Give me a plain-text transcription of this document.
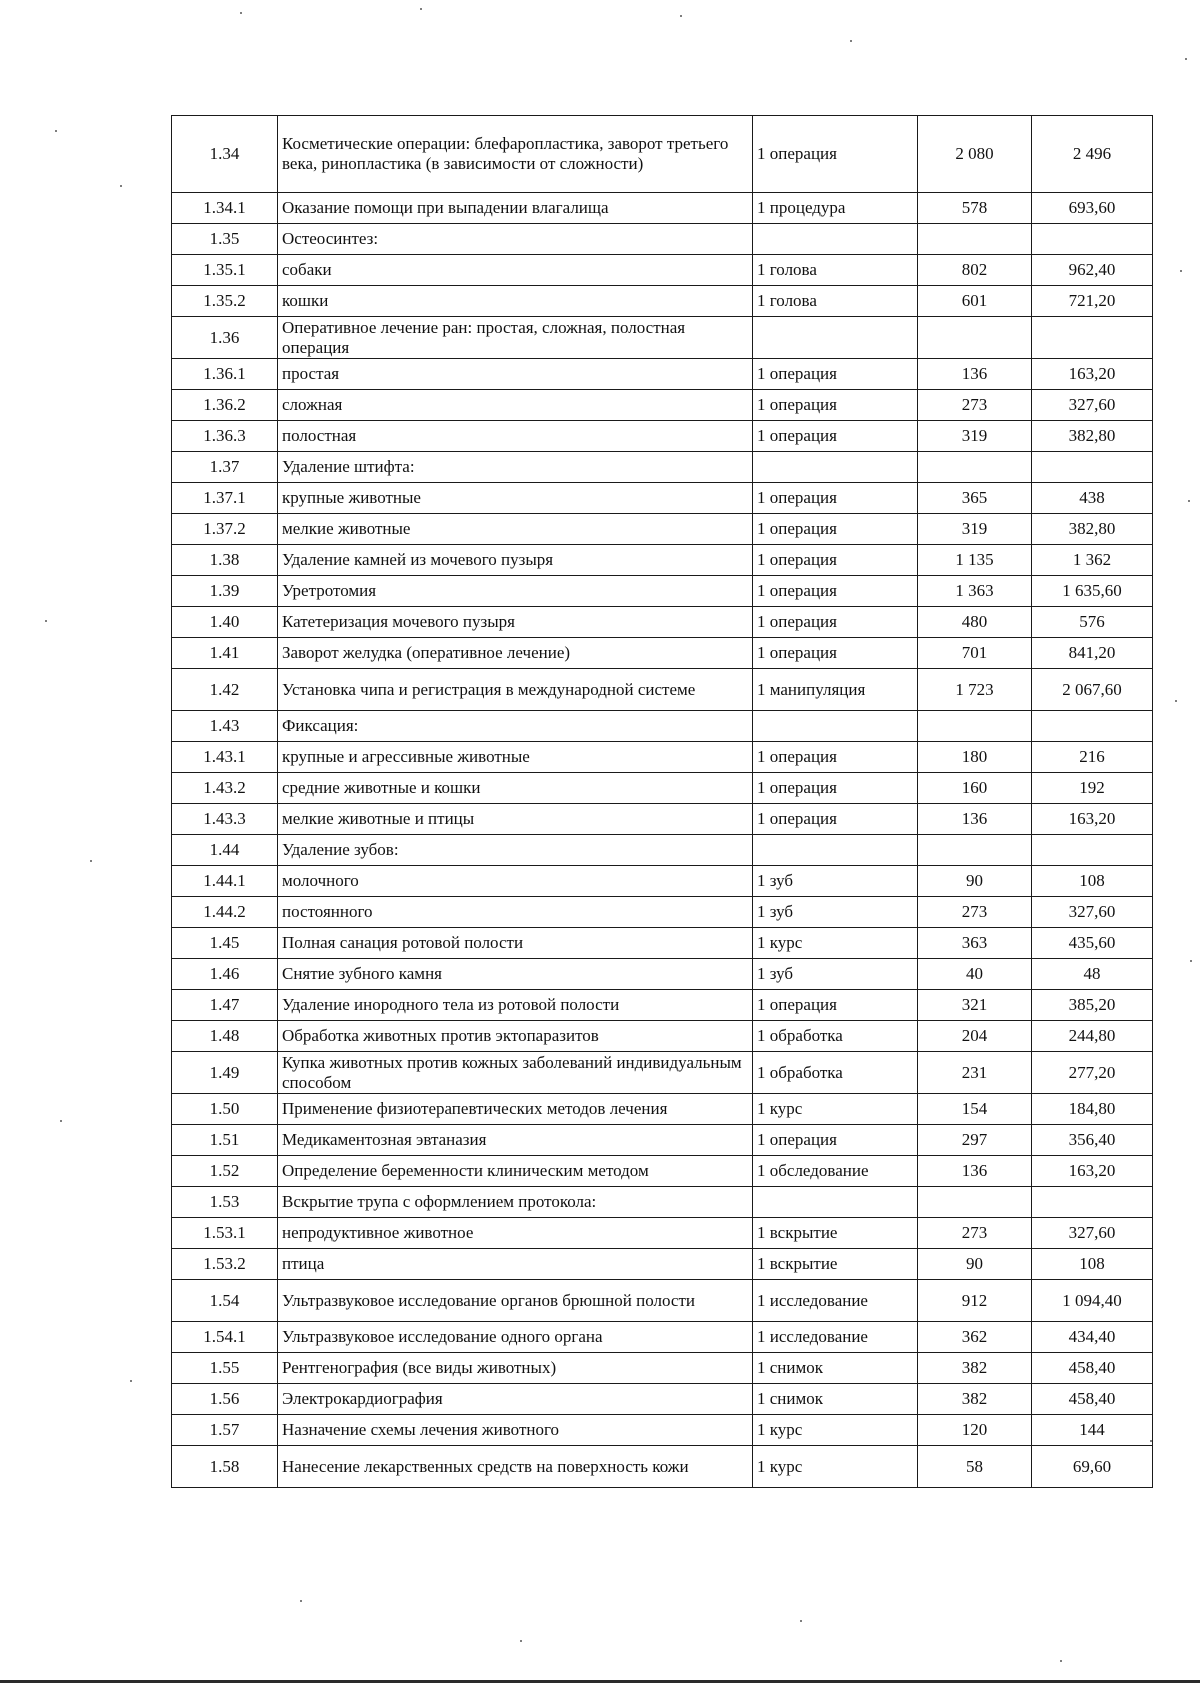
1.34	Косметические операции: блефаропластика, заворот третьего века, ринопластика (в зависимости от сложности)	1 операция	2 080	2 496
1.34.1	Оказание помощи при выпадении влагалища	1 процедура	578	693,60
1.35	Остеосинтез:			
1.35.1	собаки	1 голова	802	962,40
1.35.2	кошки	1 голова	601	721,20
1.36	Оперативное лечение ран: простая, сложная, полостная операция			
1.36.1	простая	1 операция	136	163,20
1.36.2	сложная	1 операция	273	327,60
1.36.3	полостная	1 операция	319	382,80
1.37	Удаление штифта:			
1.37.1	крупные животные	1 операция	365	438
1.37.2	мелкие животные	1 операция	319	382,80
1.38	Удаление камней из мочевого пузыря	1 операция	1 135	1 362
1.39	Уретротомия	1 операция	1 363	1 635,60
1.40	Катетеризация мочевого пузыря	1 операция	480	576
1.41	Заворот желудка (оперативное лечение)	1 операция	701	841,20
1.42	Установка чипа и регистрация в международной системе	1 манипуляция	1 723	2 067,60
1.43	Фиксация:			
1.43.1	крупные и агрессивные животные	1 операция	180	216
1.43.2	средние животные и кошки	1 операция	160	192
1.43.3	мелкие животные и птицы	1 операция	136	163,20
1.44	Удаление зубов:			
1.44.1	молочного	1 зуб	90	108
1.44.2	постоянного	1 зуб	273	327,60
1.45	Полная санация ротовой полости	1 курс	363	435,60
1.46	Снятие зубного камня	1 зуб	40	48
1.47	Удаление инородного тела из ротовой полости	1 операция	321	385,20
1.48	Обработка животных против эктопаразитов	1 обработка	204	244,80
1.49	Купка животных против кожных заболеваний индивидуальным способом	1 обработка	231	277,20
1.50	Применение физиотерапевтических методов лечения	1 курс	154	184,80
1.51	Медикаментозная эвтаназия	1 операция	297	356,40
1.52	Определение беременности клиническим методом	1 обследование	136	163,20
1.53	Вскрытие трупа с оформлением протокола:			
1.53.1	непродуктивное животное	1 вскрытие	273	327,60
1.53.2	птица	1 вскрытие	90	108
1.54	Ультразвуковое исследование органов брюшной полости	1 исследование	912	1 094,40
1.54.1	Ультразвуковое исследование одного органа	1 исследование	362	434,40
1.55	Рентгенография (все виды животных)	1 снимок	382	458,40
1.56	Электрокардиография	1 снимок	382	458,40
1.57	Назначение схемы лечения животного	1 курс	120	144
1.58	Нанесение лекарственных средств на поверхность кожи	1 курс	58	69,60
